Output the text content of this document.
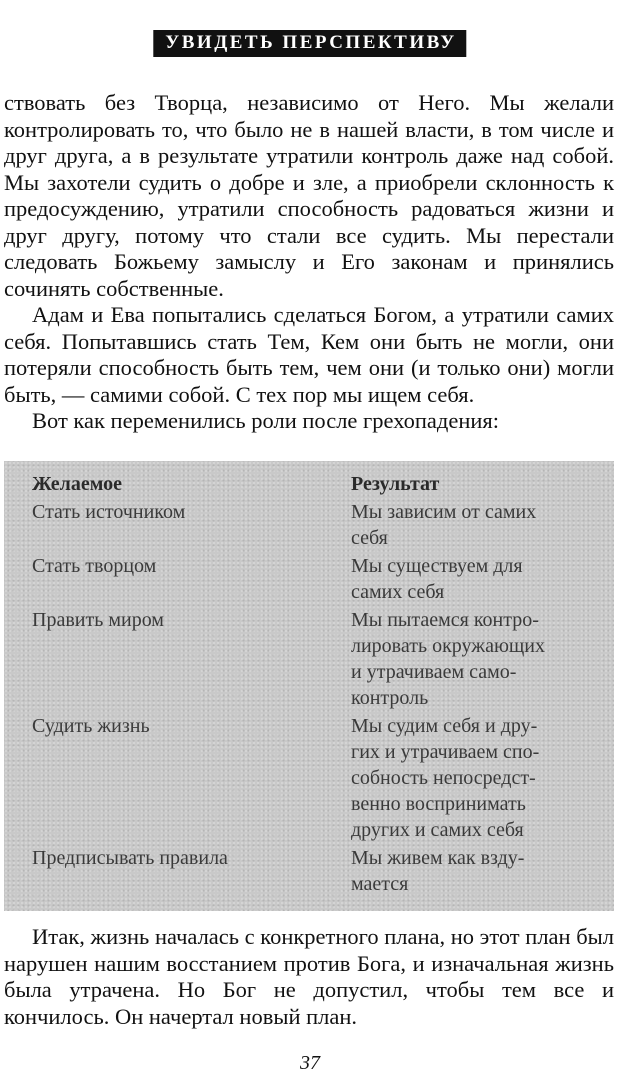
УВИДЕТЬ ПЕРСПЕКТИВУ

ствовать без Творца, независимо от Него. Мы желали контролировать то, что было не в нашей власти, в том числе и друг друга, а в результате утратили контроль даже над собой. Мы захотели судить о добре и зле, а приобрели склонность к предосуждению, утратили способность радоваться жизни и друг другу, потому что стали все судить. Мы перестали следовать Божьему замыслу и Его законам и принялись сочинять собственные.

Адам и Ева попытались сделаться Богом, а утратили самих себя. Попытавшись стать Тем, Кем они быть не могли, они потеряли способность быть тем, чем они (и только они) могли быть, — самими собой. С тех пор мы ищем себя.

Вот как переменились роли после грехопадения:

Желаемое	Результат
Стать источником	Мы зависим от самих
себя
Стать творцом	Мы существуем для
самих себя
Править миром	Мы пытаемся контро-
лировать окружающих
и утрачиваем само-
контроль
Судить жизнь	Мы судим себя и дру-
гих и утрачиваем спо-
собность непосредст-
венно воспринимать
других и самих себя
Предписывать правила	Мы живем как взду-
мается

Итак, жизнь началась с конкретного плана, но этот план был нарушен нашим восстанием против Бога, и изначальная жизнь была утрачена. Но Бог не допустил, чтобы тем все и кончилось. Он начертал новый план.

37
